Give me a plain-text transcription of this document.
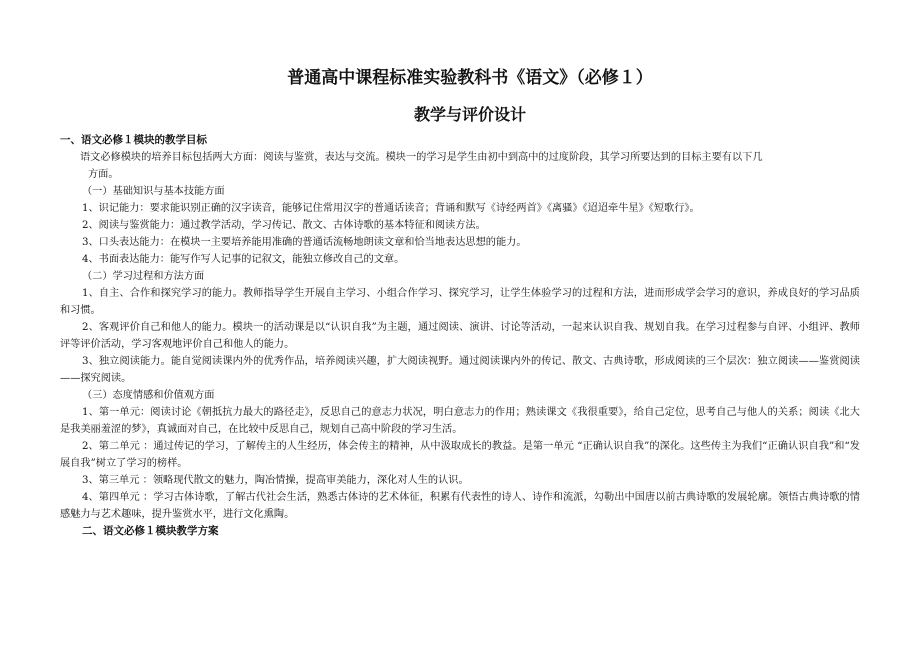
普通高中课程标准实验教科书《语文》（必修１）
教学与评价设计

一、语文必修１模块的教学目标

语文必修模块的培养目标包括两大方面：阅读与鉴赏，表达与交流。模块一的学习是学生由初中到高中的过度阶段，其学习所要达到的目标主要有以下几

方面。

（一）基础知识与基本技能方面

1、识记能力：要求能识别正确的汉字读音，能够记住常用汉字的普通话读音；背诵和默写《诗经两首》《离骚》《迢迢牵牛星》《短歌行》。

2、阅读与鉴赏能力：通过教学活动，学习传记、散文、古体诗歌的基本特征和阅读方法。

3、口头表达能力：在模块一主要培养能用准确的普通话流畅地朗读文章和恰当地表达思想的能力。

4、书面表达能力：能写作写人记事的记叙文，能独立修改自己的文章。

（二）学习过程和方法方面

1、自主、合作和探究学习的能力。教师指导学生开展自主学习、小组合作学习、探究学习，让学生体验学习的过程和方法，进而形成学会学习的意识，养成良好的学习品质和习惯。

2、客观评价自己和他人的能力。模块一的活动课是以“认识自我”为主题，通过阅读、演讲、讨论等活动，一起来认识自我、规划自我。在学习过程参与自评、小组评、教师评等评价活动，学习客观地评价自己和他人的能力。

3、独立阅读能力。能自觉阅读课内外的优秀作品，培养阅读兴趣，扩大阅读视野。通过阅读课内外的传记、散文、古典诗歌，形成阅读的三个层次：独立阅读——鉴赏阅读——探究阅读。

（三）态度情感和价值观方面

1、第一单元：阅读讨论《朝抵抗力最大的路径走》，反思自己的意志力状况，明白意志力的作用；熟读课文《我很重要》，给自己定位，思考自己与他人的关系；阅读《北大是我美丽羞涩的梦》，真诚面对自己，在比较中反思自己，规划自己高中阶段的学习生活。

2、第二单元 ：通过传记的学习，了解传主的人生经历，体会传主的精神，从中汲取成长的教益。是第一单元 “正确认识自我”的深化。这些传主为我们“正确认识自我”和“发展自我”树立了学习的榜样。

3、第三单元 ：领略现代散文的魅力，陶冶情操，提高审美能力，深化对人生的认识。

4、第四单元 ：学习古体诗歌，了解古代社会生活，熟悉古体诗的艺术体征，积累有代表性的诗人、诗作和流派，勾勒出中国唐以前古典诗歌的发展轮廓。领悟古典诗歌的情感魅力与艺术趣味，提升鉴赏水平，进行文化熏陶。

二、语文必修１模块教学方案
